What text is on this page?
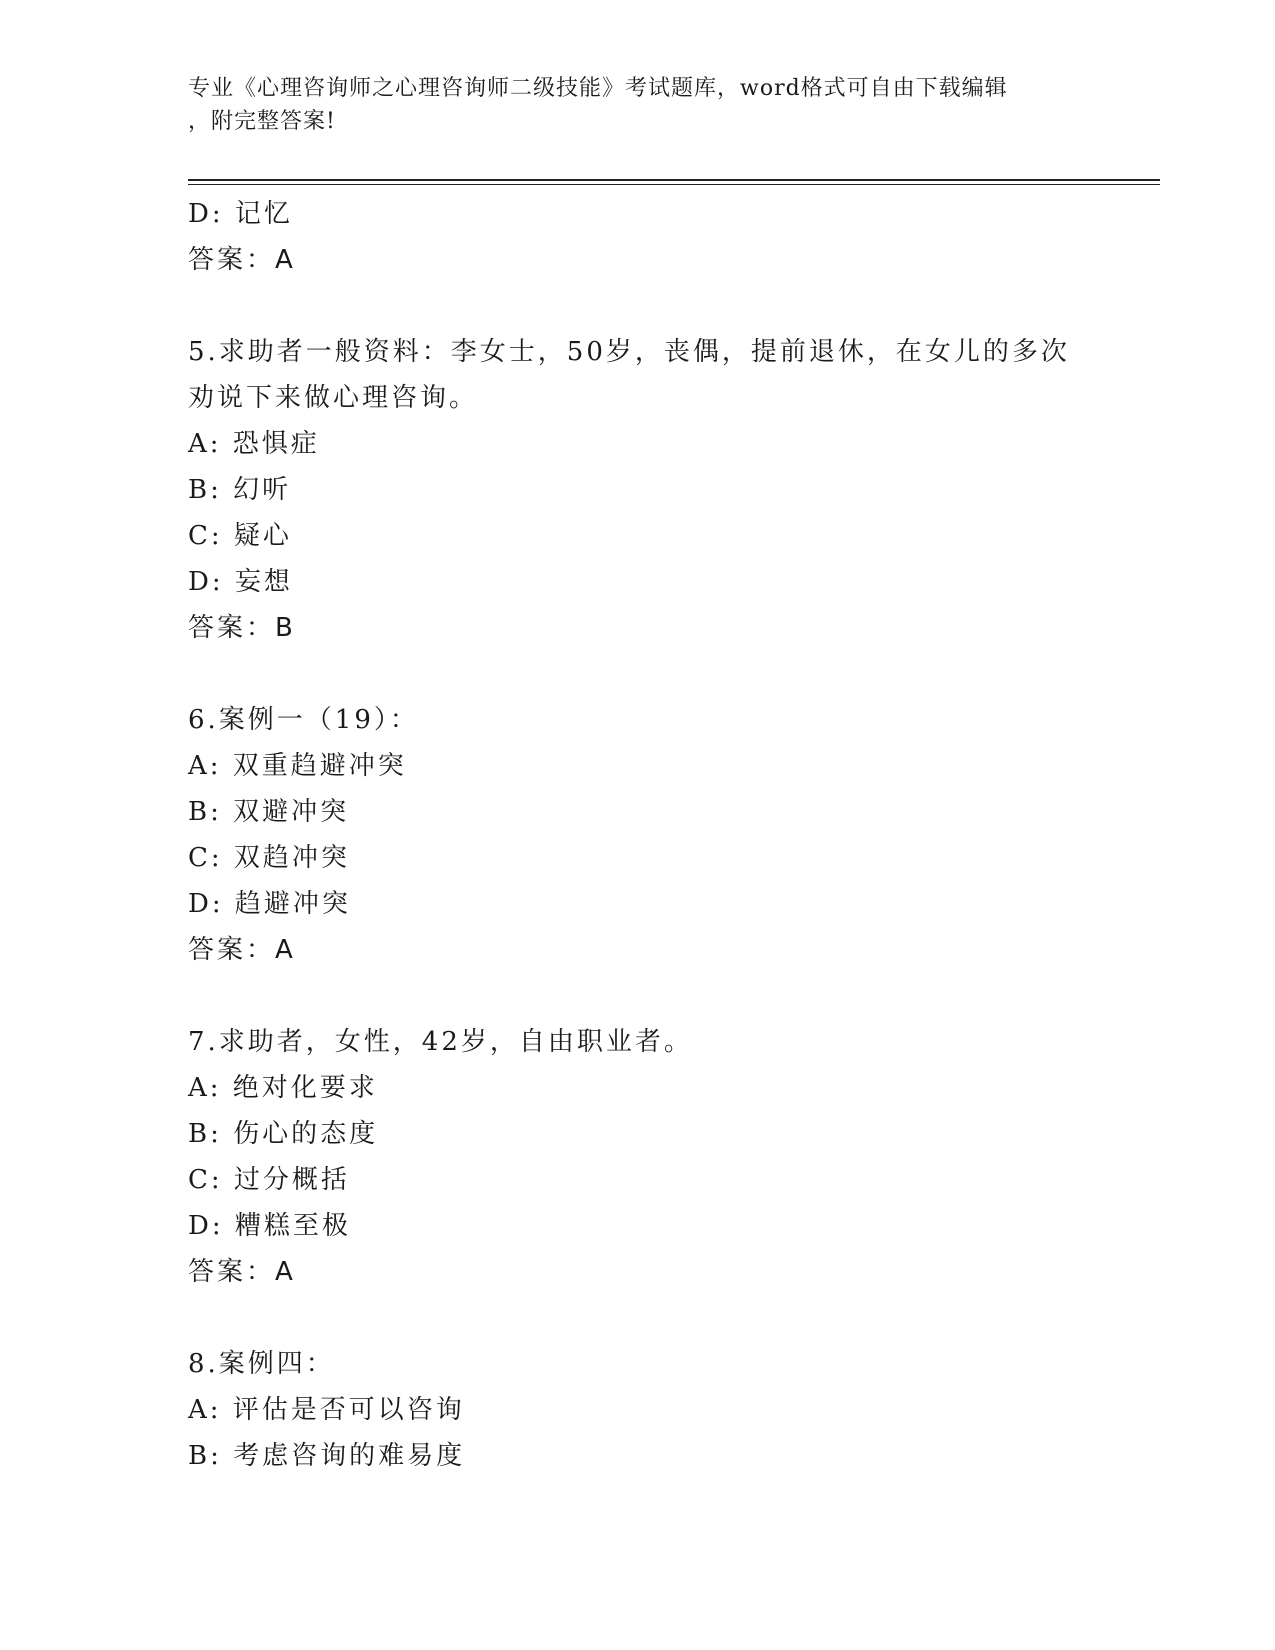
专业《心理咨询师之心理咨询师二级技能》考试题库，word格式可自由下载编辑
，附完整答案!
D: 记忆
答案：A
5.求助者一般资料：李女士，50岁，丧偶，提前退休，在女儿的多次
劝说下来做心理咨询。
A: 恐惧症
B: 幻听
C: 疑心
D: 妄想
答案：B
6.案例一（19）：
A: 双重趋避冲突
B: 双避冲突
C: 双趋冲突
D: 趋避冲突
答案：A
7.求助者，女性，42岁，自由职业者。
A: 绝对化要求
B: 伤心的态度
C: 过分概括
D: 糟糕至极
答案：A
8.案例四：
A: 评估是否可以咨询
B: 考虑咨询的难易度
